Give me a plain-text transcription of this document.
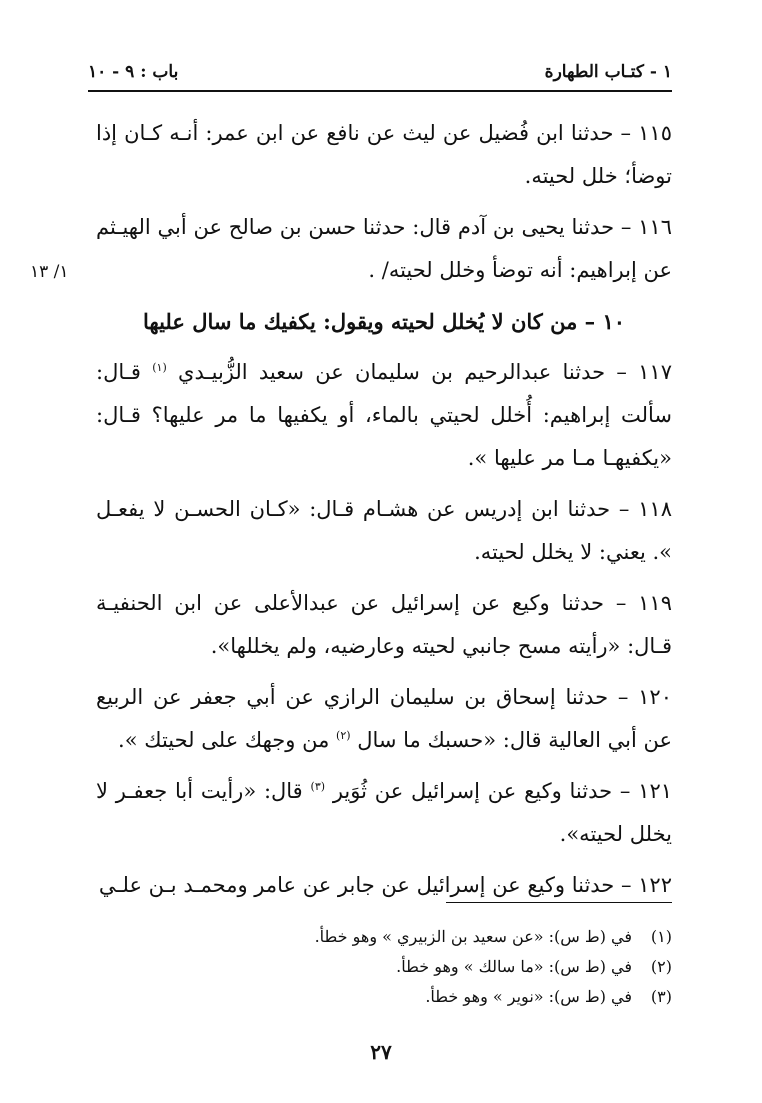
١ - كتـاب الطهارة
باب : ٩ - ١٠
١/ ١٣

١١٥ – حدثنا ابن فُضيل عن ليث عن نافع عن ابن عمر: أنـه كـان إذا توضأ؛ خلل لحيته.

١١٦ – حدثنا يحيى بن آدم قال: حدثنا حسن بن صالح عن أبي الهيـثم عن إبراهيم: أنه توضأ وخلل لحيته/ .

١٠ – من كان لا يُخلل لحيته ويقول: يكفيك ما سال عليها

١١٧ – حدثنا عبدالرحيم بن سليمان عن سعيد الزُّبيـدي $^{(١)}$ قـال: سألت إبراهيم: أُخلل لحيتي بالماء، أو يكفيها ما مر عليها؟ قـال: «يكفيهـا مـا مر عليها ».

١١٨ – حدثنا ابن إدريس عن هشـام قـال: «كـان الحسـن لا يفعـل ». يعني: لا يخلل لحيته.

١١٩ – حدثنا وكيع عن إسرائيل عن عبدالأعلى عن ابن الحنفيـة قـال: «رأيته مسح جانبي لحيته وعارضيه، ولم يخللها».

١٢٠ – حدثنا إسحاق بن سليمان الرازي عن أبي جعفر عن الربيع عن أبي العالية قال: «حسبك ما سال $^{(٢)}$ من وجهك على لحيتك ».

١٢١ – حدثنا وكيع عن إسرائيل عن ثُوَير $^{(٣)}$ قال: «رأيت أبا جعفـر لا يخلل لحيته».

١٢٢ – حدثنا وكيع عن إسرائيل عن جابر عن عامر ومحمـد بـن علـي

(١)في (ط س): «عن سعيد بن الزبيري » وهو خطأ.

(٢)في (ط س): «ما سالك » وهو خطأ.

(٣)في (ط س): «نوير » وهو خطأ.

٢٧
